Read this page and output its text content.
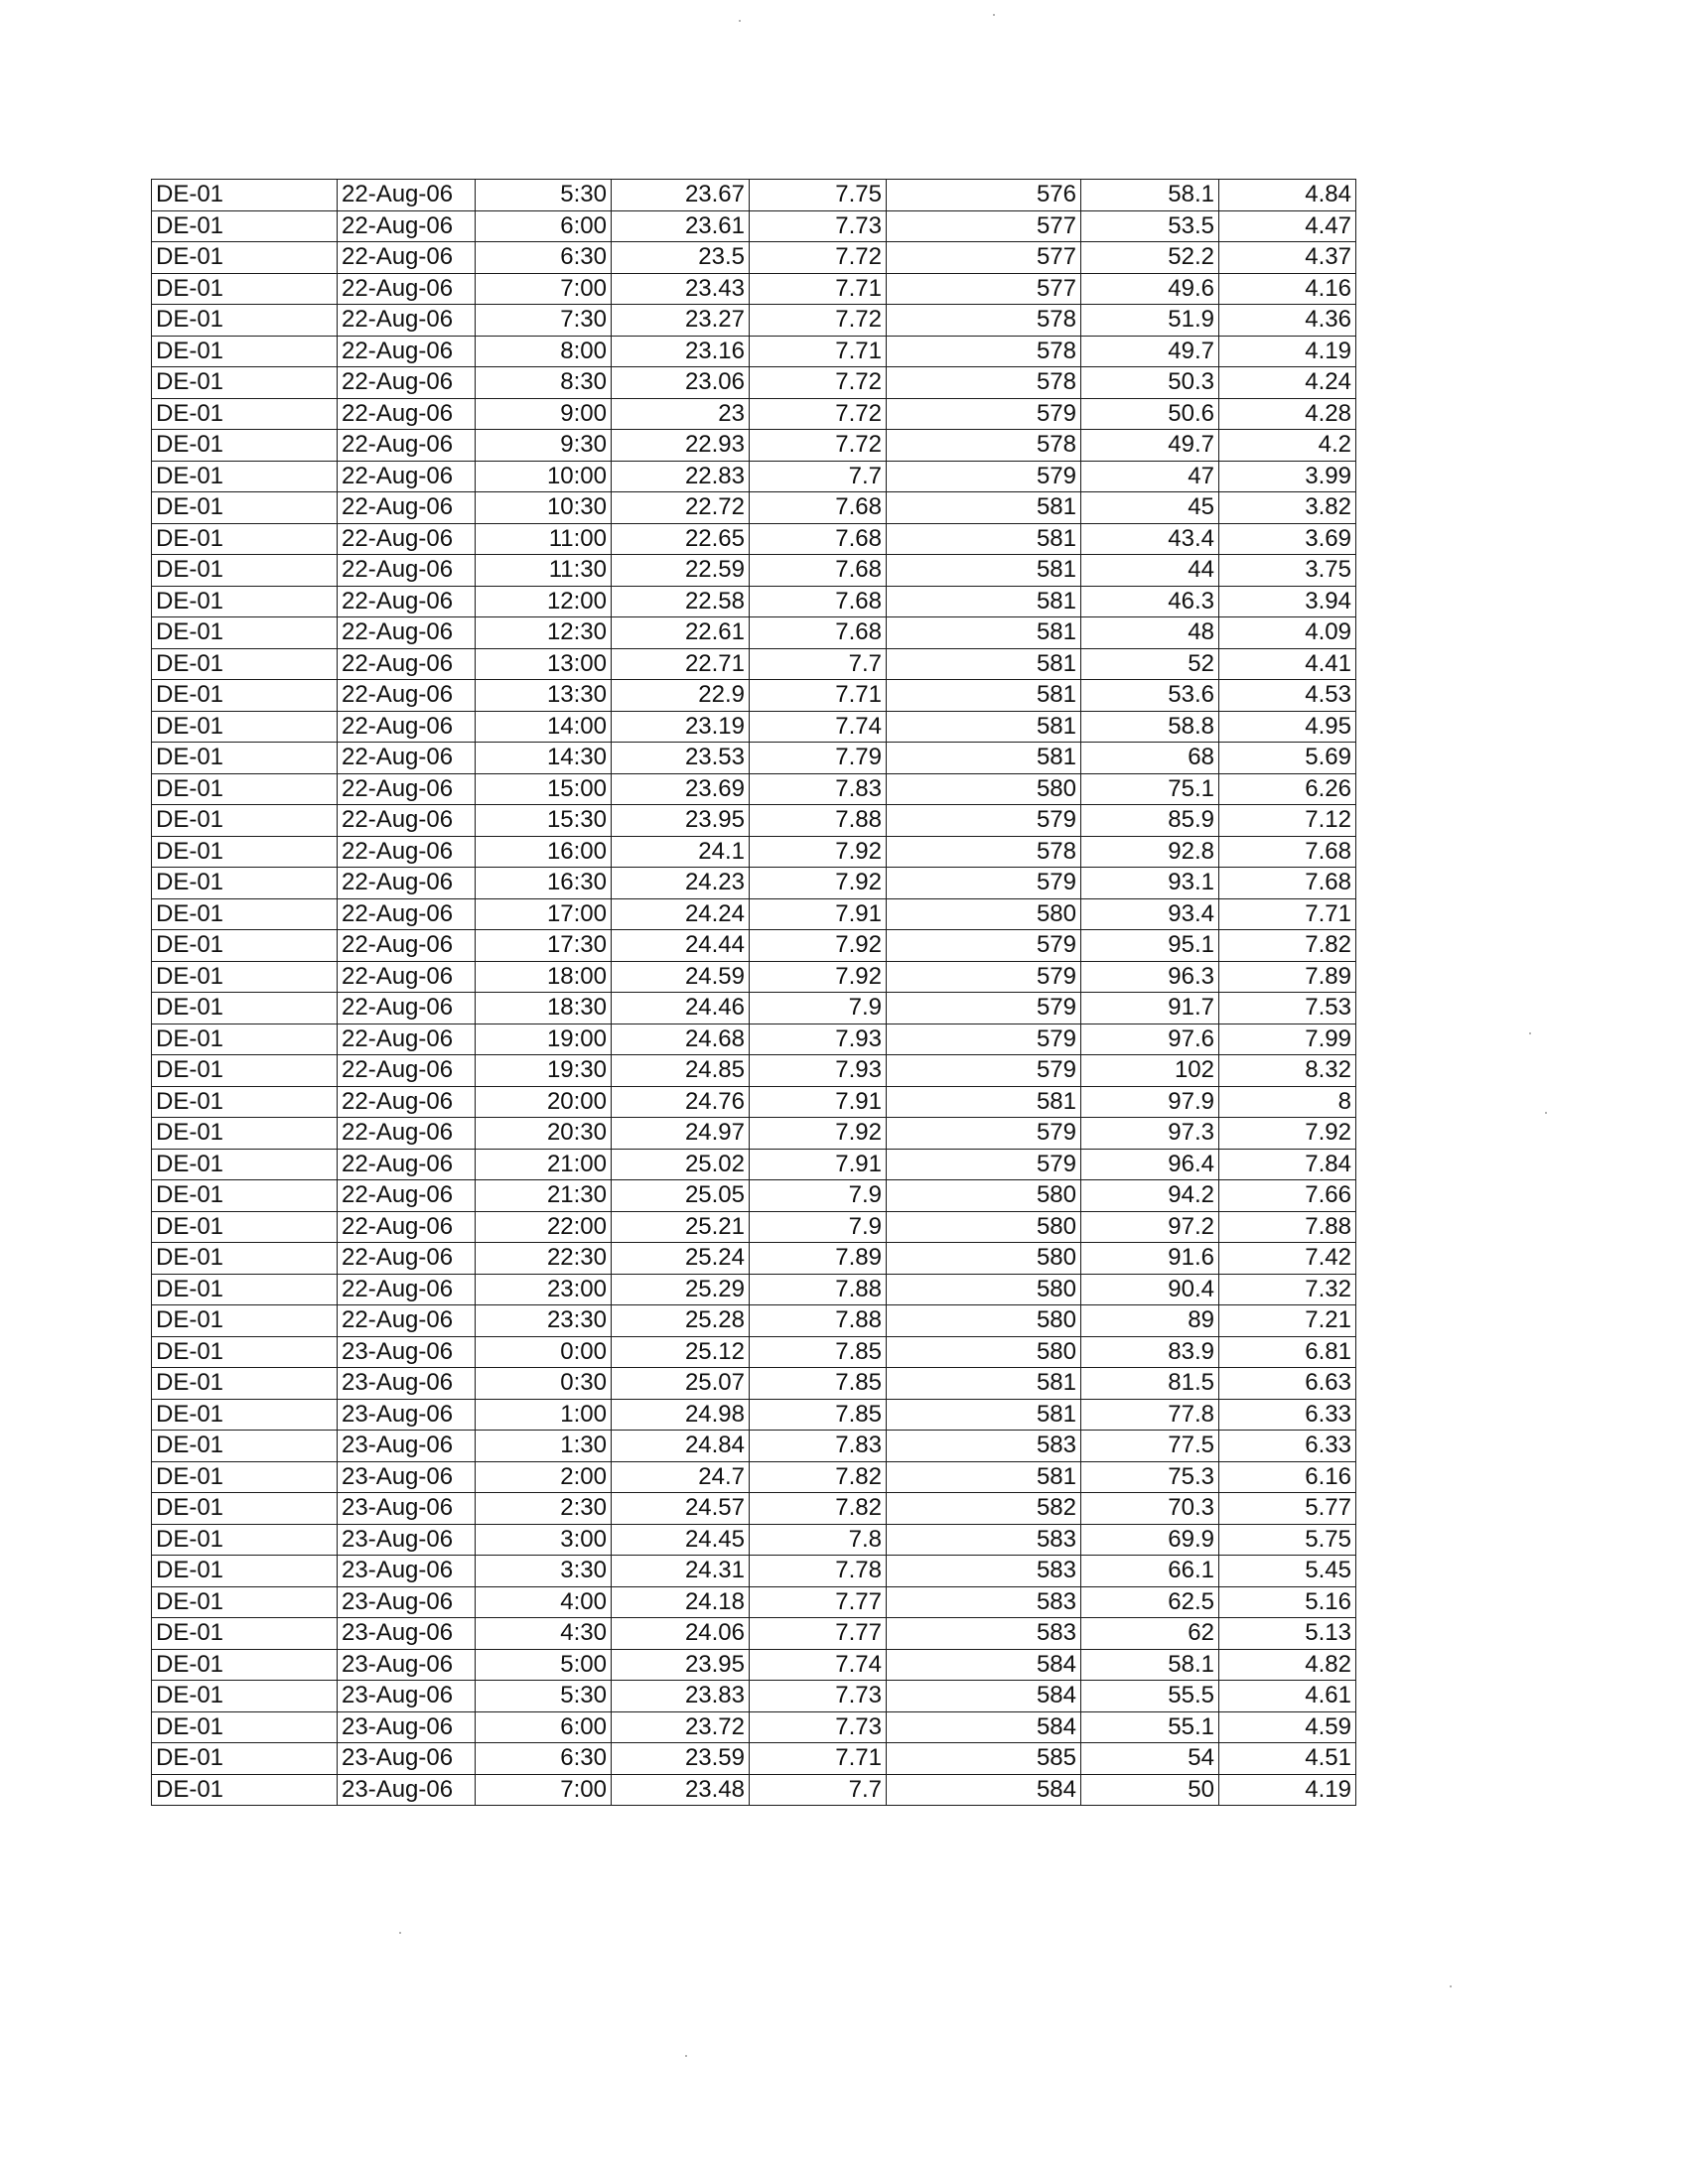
DE-01	22-Aug-06	5:30	23.67	7.75	576	58.1	4.84
DE-01	22-Aug-06	6:00	23.61	7.73	577	53.5	4.47
DE-01	22-Aug-06	6:30	23.5	7.72	577	52.2	4.37
DE-01	22-Aug-06	7:00	23.43	7.71	577	49.6	4.16
DE-01	22-Aug-06	7:30	23.27	7.72	578	51.9	4.36
DE-01	22-Aug-06	8:00	23.16	7.71	578	49.7	4.19
DE-01	22-Aug-06	8:30	23.06	7.72	578	50.3	4.24
DE-01	22-Aug-06	9:00	23	7.72	579	50.6	4.28
DE-01	22-Aug-06	9:30	22.93	7.72	578	49.7	4.2
DE-01	22-Aug-06	10:00	22.83	7.7	579	47	3.99
DE-01	22-Aug-06	10:30	22.72	7.68	581	45	3.82
DE-01	22-Aug-06	11:00	22.65	7.68	581	43.4	3.69
DE-01	22-Aug-06	11:30	22.59	7.68	581	44	3.75
DE-01	22-Aug-06	12:00	22.58	7.68	581	46.3	3.94
DE-01	22-Aug-06	12:30	22.61	7.68	581	48	4.09
DE-01	22-Aug-06	13:00	22.71	7.7	581	52	4.41
DE-01	22-Aug-06	13:30	22.9	7.71	581	53.6	4.53
DE-01	22-Aug-06	14:00	23.19	7.74	581	58.8	4.95
DE-01	22-Aug-06	14:30	23.53	7.79	581	68	5.69
DE-01	22-Aug-06	15:00	23.69	7.83	580	75.1	6.26
DE-01	22-Aug-06	15:30	23.95	7.88	579	85.9	7.12
DE-01	22-Aug-06	16:00	24.1	7.92	578	92.8	7.68
DE-01	22-Aug-06	16:30	24.23	7.92	579	93.1	7.68
DE-01	22-Aug-06	17:00	24.24	7.91	580	93.4	7.71
DE-01	22-Aug-06	17:30	24.44	7.92	579	95.1	7.82
DE-01	22-Aug-06	18:00	24.59	7.92	579	96.3	7.89
DE-01	22-Aug-06	18:30	24.46	7.9	579	91.7	7.53
DE-01	22-Aug-06	19:00	24.68	7.93	579	97.6	7.99
DE-01	22-Aug-06	19:30	24.85	7.93	579	102	8.32
DE-01	22-Aug-06	20:00	24.76	7.91	581	97.9	8
DE-01	22-Aug-06	20:30	24.97	7.92	579	97.3	7.92
DE-01	22-Aug-06	21:00	25.02	7.91	579	96.4	7.84
DE-01	22-Aug-06	21:30	25.05	7.9	580	94.2	7.66
DE-01	22-Aug-06	22:00	25.21	7.9	580	97.2	7.88
DE-01	22-Aug-06	22:30	25.24	7.89	580	91.6	7.42
DE-01	22-Aug-06	23:00	25.29	7.88	580	90.4	7.32
DE-01	22-Aug-06	23:30	25.28	7.88	580	89	7.21
DE-01	23-Aug-06	0:00	25.12	7.85	580	83.9	6.81
DE-01	23-Aug-06	0:30	25.07	7.85	581	81.5	6.63
DE-01	23-Aug-06	1:00	24.98	7.85	581	77.8	6.33
DE-01	23-Aug-06	1:30	24.84	7.83	583	77.5	6.33
DE-01	23-Aug-06	2:00	24.7	7.82	581	75.3	6.16
DE-01	23-Aug-06	2:30	24.57	7.82	582	70.3	5.77
DE-01	23-Aug-06	3:00	24.45	7.8	583	69.9	5.75
DE-01	23-Aug-06	3:30	24.31	7.78	583	66.1	5.45
DE-01	23-Aug-06	4:00	24.18	7.77	583	62.5	5.16
DE-01	23-Aug-06	4:30	24.06	7.77	583	62	5.13
DE-01	23-Aug-06	5:00	23.95	7.74	584	58.1	4.82
DE-01	23-Aug-06	5:30	23.83	7.73	584	55.5	4.61
DE-01	23-Aug-06	6:00	23.72	7.73	584	55.1	4.59
DE-01	23-Aug-06	6:30	23.59	7.71	585	54	4.51
DE-01	23-Aug-06	7:00	23.48	7.7	584	50	4.19
